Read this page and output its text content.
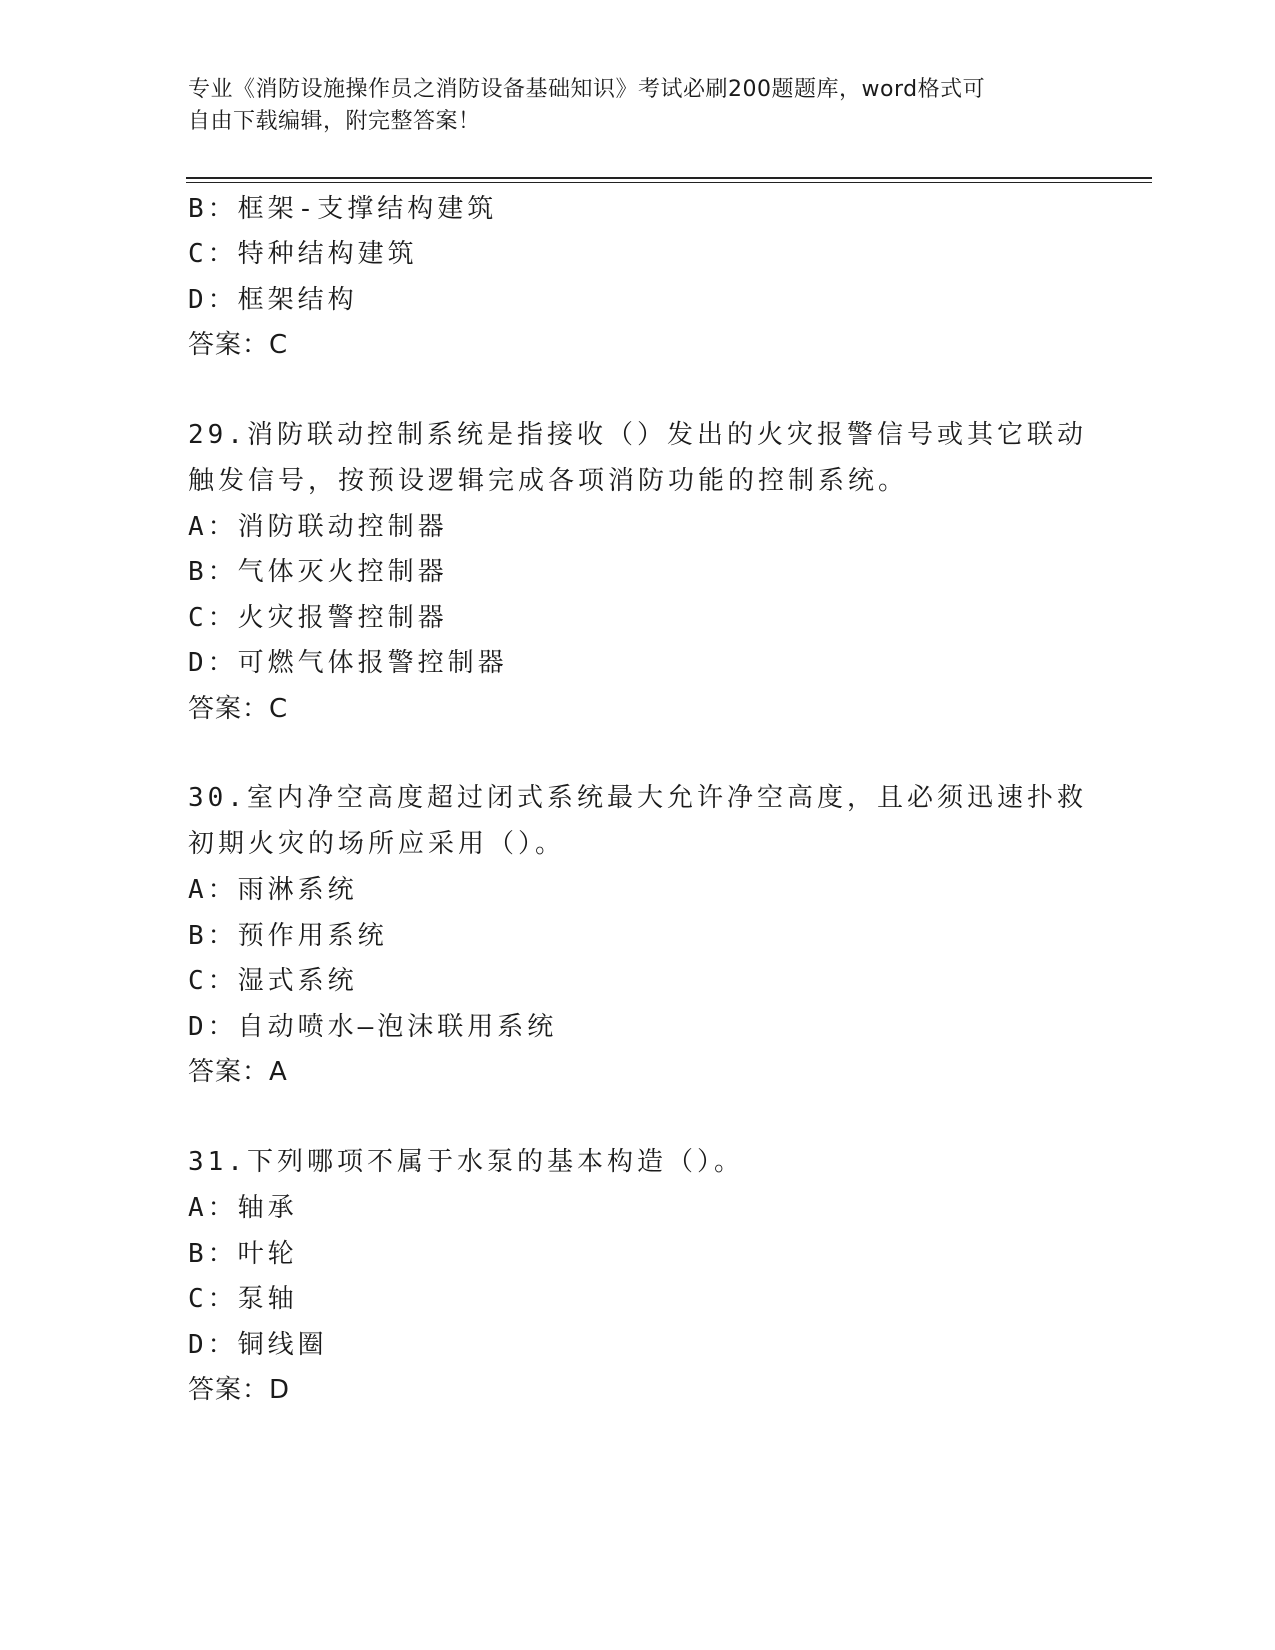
专业《消防设施操作员之消防设备基础知识》考试必刷200题题库，word格式可
自由下载编辑，附完整答案！
B：框架-支撑结构建筑
C：特种结构建筑
D：框架结构
答案：C
29.消防联动控制系统是指接收（）发出的火灾报警信号或其它联动触发信号，按预设逻辑完成各项消防功能的控制系统。
A：消防联动控制器
B：气体灭火控制器
C：火灾报警控制器
D：可燃气体报警控制器
答案：C
30.室内净空高度超过闭式系统最大允许净空高度，且必须迅速扑救初期火灾的场所应采用（）。
A：雨淋系统
B：预作用系统
C：湿式系统
D：自动喷水—泡沫联用系统
答案：A
31.下列哪项不属于水泵的基本构造（）。
A：轴承
B：叶轮
C：泵轴
D：铜线圈
答案：D
